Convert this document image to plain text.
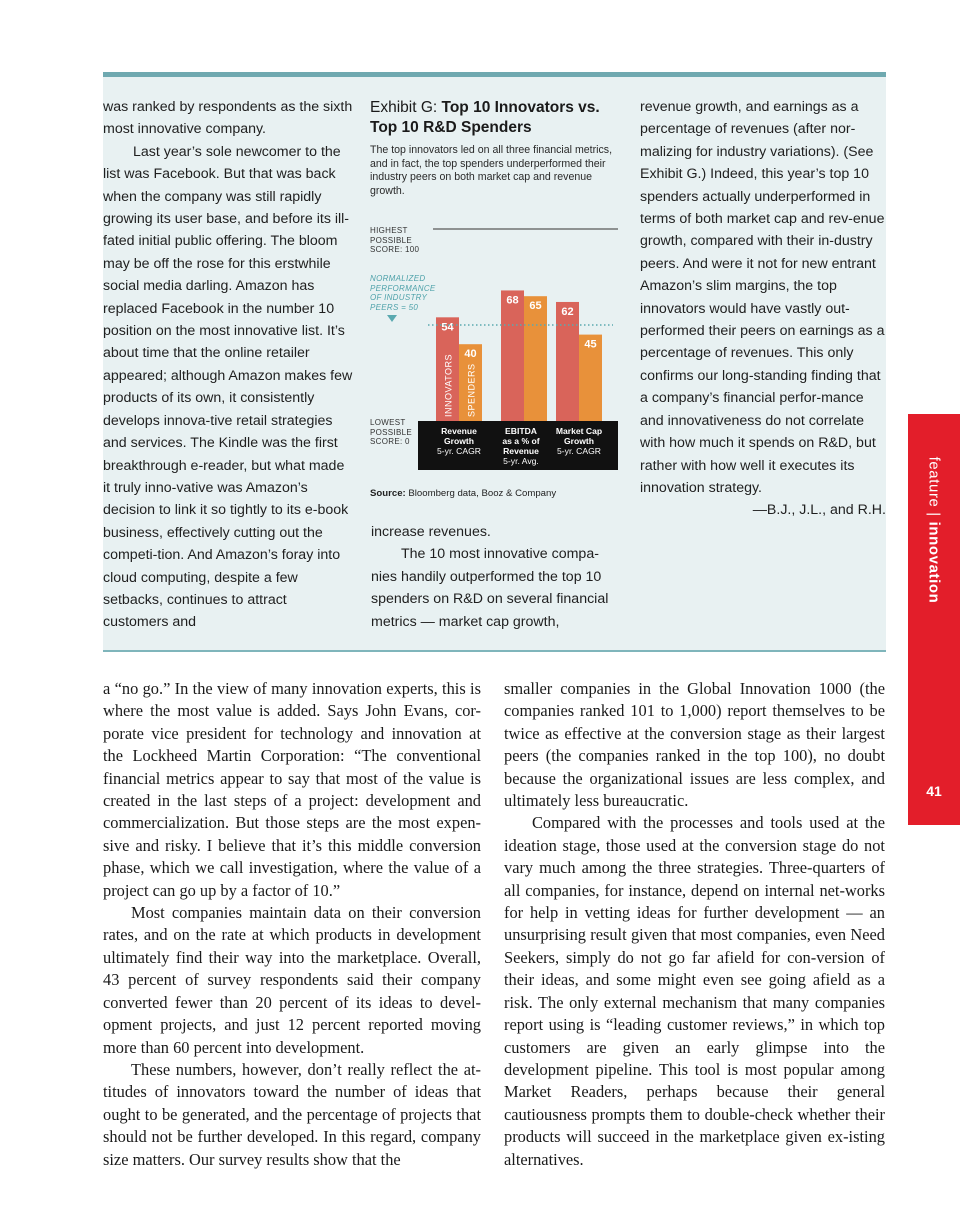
was ranked by respondents as the sixth most innovative company.

Last year’s sole newcomer to the list was Facebook. But that was back when the company was still rapidly growing its user base, and before its ill-fated initial public offering. The bloom may be off the rose for this erstwhile social media darling. Amazon has replaced Facebook in the number 10 position on the most innovative list. It’s about time that the online retailer appeared; although Amazon makes few products of its own, it consistently develops innova-tive retail strategies and services. The Kindle was the first breakthrough e-reader, but what made it truly inno-vative was Amazon’s decision to link it so tightly to its e-book business, effectively cutting out the competi-tion. And Amazon’s foray into cloud computing, despite a few setbacks, continues to attract customers and

Exhibit G: Top 10 Innovators vs. Top 10 R&D Spenders
The top innovators led on all three financial metrics, and in fact, the top spenders underperformed their industry peers on both market cap and revenue growth.
HIGHEST
POSSIBLE
SCORE: 100
NORMALIZED
PERFORMANCE
OF INDUSTRY
PEERS = 50
LOWEST
POSSIBLE
SCORE: 0
54
68
62
40
65
45
INNOVATORS SPENDERS
Revenue
Growth
5-yr. CAGR
EBITDA
as a % of
Revenue
5-yr. Avg.
Market Cap
Growth
5-yr. CAGR
Source: Bloomberg data, Booz & Company

increase revenues.

The 10 most innovative compa-nies handily outperformed the top 10 spenders on R&D on several financial metrics — market cap growth,

revenue growth, and earnings as a percentage of revenues (after nor-malizing for industry variations). (See Exhibit G.) Indeed, this year’s top 10 spenders actually underperformed in terms of both market cap and rev-enue growth, compared with their in-dustry peers. And were it not for new entrant Amazon’s slim margins, the top innovators would have vastly out-performed their peers on earnings as a percentage of revenues. This only confirms our long-standing finding that a company’s financial perfor-mance and innovativeness do not correlate with how much it spends on R&D, but rather with how well it executes its innovation strategy.

—B.J., J.L., and R.H.

a “no go.” In the view of many innovation experts, this is where the most value is added. Says John Evans, cor-porate vice president for technology and innovation at the Lockheed Martin Corporation: “The conventional financial metrics appear to say that most of the value is created in the last steps of a project: development and commercialization. But those steps are the most expen-sive and risky. I believe that it’s this middle conversion phase, which we call investigation, where the value of a project can go up by a factor of 10.”

Most companies maintain data on their conversion rates, and on the rate at which products in development ultimately find their way into the marketplace. Overall, 43 percent of survey respondents said their company converted fewer than 20 percent of its ideas to devel-opment projects, and just 12 percent reported moving more than 60 percent into development.

These numbers, however, don’t really reflect the at-titudes of innovators toward the number of ideas that ought to be generated, and the percentage of projects that should not be further developed. In this regard, company size matters. Our survey results show that the

smaller companies in the Global Innovation 1000 (the companies ranked 101 to 1,000) report themselves to be twice as effective at the conversion stage as their largest peers (the companies ranked in the top 100), no doubt because the organizational issues are less complex, and ultimately less bureaucratic.

Compared with the processes and tools used at the ideation stage, those used at the conversion stage do not vary much among the three strategies. Three-quarters of all companies, for instance, depend on internal net-works for help in vetting ideas for further development — an unsurprising result given that most companies, even Need Seekers, simply do not go far afield for con-version of their ideas, and some might even see going afield as a risk. The only external mechanism that many companies report using is “leading customer reviews,” in which top customers are given an early glimpse into the development pipeline. This tool is most popular among Market Readers, perhaps because their general cautiousness prompts them to double-check whether their products will succeed in the marketplace given ex-isting alternatives.

feature | innovation
41
